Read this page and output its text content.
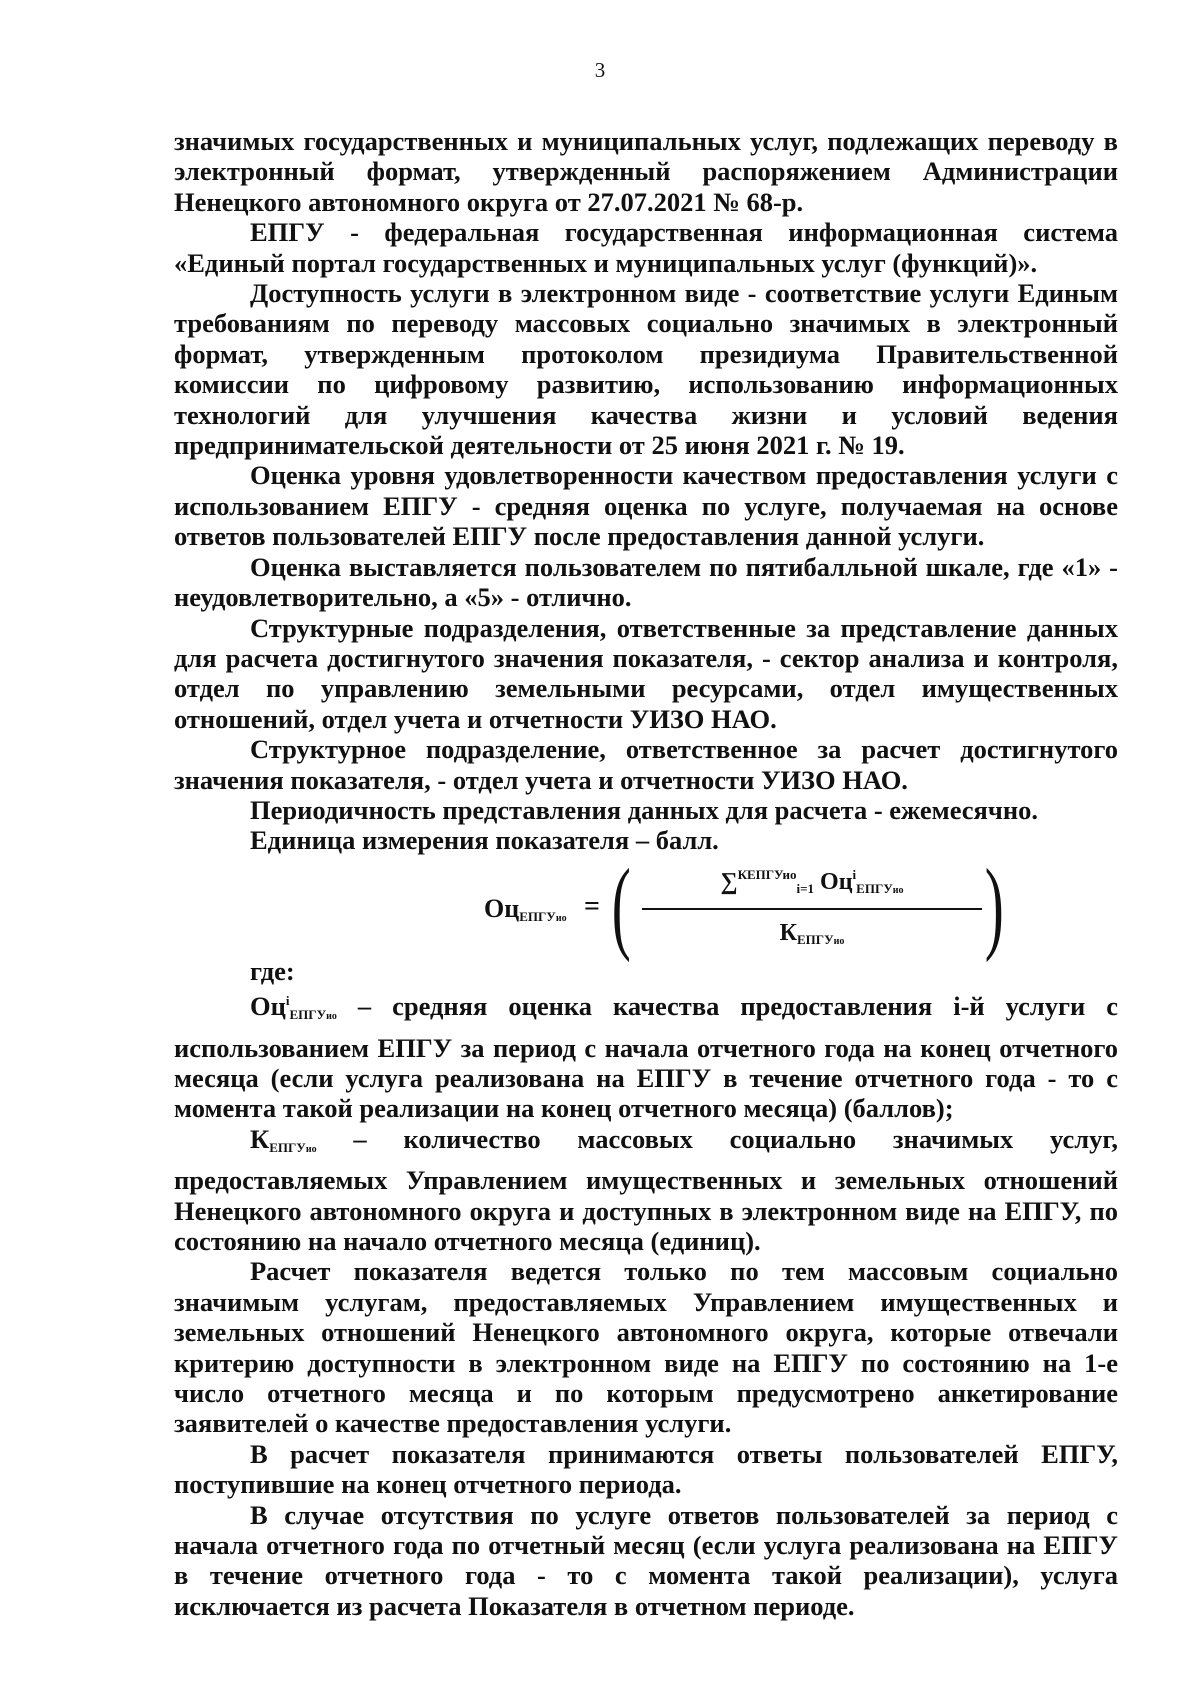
3

значимых государственных и муниципальных услуг, подлежащих переводу в электронный формат, утвержденный распоряжением Администрации Ненецкого автономного округа от 27.07.2021 № 68-р.

ЕПГУ - федеральная государственная информационная система «Единый портал государственных и муниципальных услуг (функций)».

Доступность услуги в электронном виде - соответствие услуги Единым требованиям по переводу массовых социально значимых в электронный формат, утвержденным протоколом президиума Правительственной комиссии по цифровому развитию, использованию информационных технологий для улучшения качества жизни и условий ведения предпринимательской деятельности от 25 июня 2021 г. № 19.

Оценка уровня удовлетворенности качеством предоставления услуги с использованием ЕПГУ - средняя оценка по услуге, получаемая на основе ответов пользователей ЕПГУ после предоставления данной услуги.

Оценка выставляется пользователем по пятибалльной шкале, где «1» - неудовлетворительно, а «5» - отлично.

Структурные подразделения, ответственные за представление данных для расчета достигнутого значения показателя, - сектор анализа и контроля, отдел по управлению земельными ресурсами, отдел имущественных отношений, отдел учета и отчетности УИЗО НАО.

Структурное подразделение, ответственное за расчет достигнутого значения показателя, - отдел учета и отчетности УИЗО НАО.

Периодичность представления данных для расчета - ежемесячно.

Единица измерения показателя – балл.

$Оц_{ЕПГУио}$ = (	∑$^{КЕПГУио}_{i=1}$ $Оц^i_{ЕПГУио}$
$К_{ЕПГУио}$	)

где:

$Оц^i_{ЕПГУио}$ – средняя оценка качества предоставления i-й услуги с использованием ЕПГУ за период с начала отчетного года на конец отчетного месяца (если услуга реализована на ЕПГУ в течение отчетного года - то с момента такой реализации на конец отчетного месяца) (баллов);

$К_{ЕПГУио}$ – количество массовых социально значимых услуг, предоставляемых Управлением имущественных и земельных отношений Ненецкого автономного округа и доступных в электронном виде на ЕПГУ, по состоянию на начало отчетного месяца (единиц).

Расчет показателя ведется только по тем массовым социально значимым услугам, предоставляемых Управлением имущественных и земельных отношений Ненецкого автономного округа, которые отвечали критерию доступности в электронном виде на ЕПГУ по состоянию на 1-е число отчетного месяца и по которым предусмотрено анкетирование заявителей о качестве предоставления услуги.

В расчет показателя принимаются ответы пользователей ЕПГУ, поступившие на конец отчетного периода.

В случае отсутствия по услуге ответов пользователей за период с начала отчетного года по отчетный месяц (если услуга реализована на ЕПГУ в течение отчетного года - то с момента такой реализации), услуга исключается из расчета Показателя в отчетном периоде.
